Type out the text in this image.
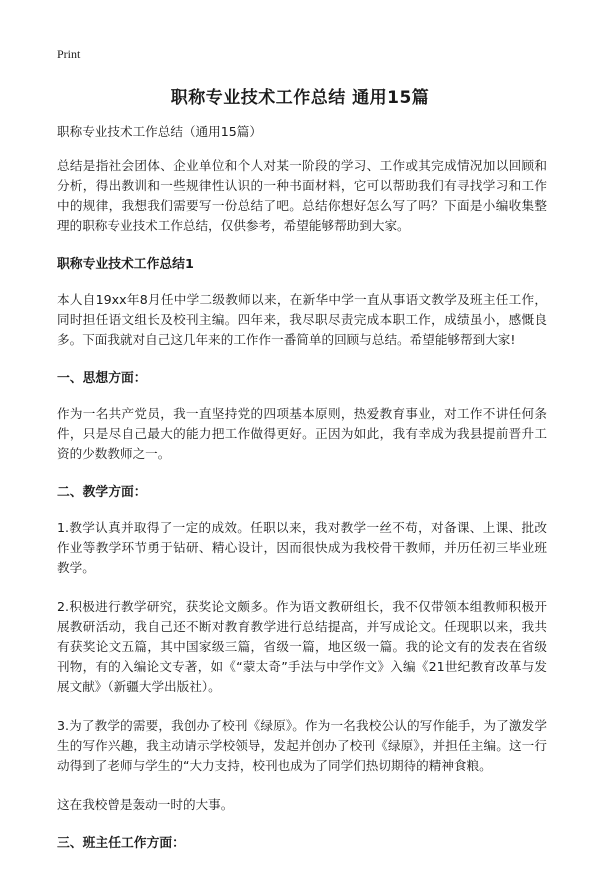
Print
职称专业技术工作总结 通用15篇

职称专业技术工作总结（通用15篇）

总结是指社会团体、企业单位和个人对某一阶段的学习、工作或其完成情况加以回顾和分析，得出教训和一些规律性认识的一种书面材料，它可以帮助我们有寻找学习和工作中的规律，我想我们需要写一份总结了吧。总结你想好怎么写了吗？下面是小编收集整理的职称专业技术工作总结，仅供参考，希望能够帮助到大家。

职称专业技术工作总结1

本人自19xx年8月任中学二级教师以来，在新华中学一直从事语文教学及班主任工作，同时担任语文组长及校刊主编。四年来，我尽职尽责完成本职工作，成绩虽小，感慨良多。下面我就对自己这几年来的工作作一番简单的回顾与总结。希望能够帮到大家!

一、思想方面：

作为一名共产党员，我一直坚持党的四项基本原则，热爱教育事业，对工作不讲任何条件，只是尽自己最大的能力把工作做得更好。正因为如此，我有幸成为我县提前晋升工资的少数教师之一。

二、教学方面：

1.教学认真并取得了一定的成效。任职以来，我对教学一丝不苟，对备课、上课、批改作业等教学环节勇于钻研、精心设计，因而很快成为我校骨干教师，并历任初三毕业班教学。

2.积极进行教学研究，获奖论文颇多。作为语文教研组长，我不仅带领本组教师积极开展教研活动，我自己还不断对教育教学进行总结提高，并写成论文。任现职以来，我共有获奖论文五篇，其中国家级三篇，省级一篇，地区级一篇。我的论文有的发表在省级刊物，有的入编论文专著，如《“蒙太奇”手法与中学作文》入编《21世纪教育改革与发展文献》（新疆大学出版社）。

3.为了教学的需要，我创办了校刊《绿原》。作为一名我校公认的写作能手，为了激发学生的写作兴趣，我主动请示学校领导，发起并创办了校刊《绿原》，并担任主编。这一行动得到了老师与学生的“大力支持，校刊也成为了同学们热切期待的精神食粮。

这在我校曾是轰动一时的大事。

三、班主任工作方面：
